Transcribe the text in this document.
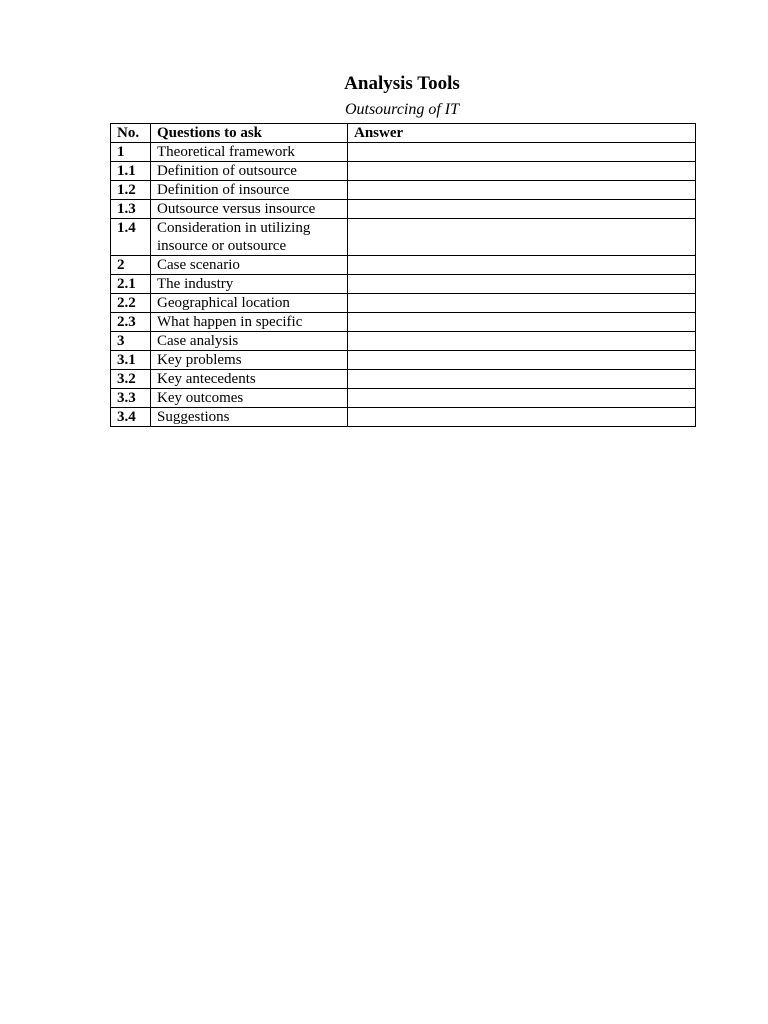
Analysis Tools
Outsourcing of IT
No.	Questions to ask	Answer
1	Theoretical framework	
1.1	Definition of outsource	
1.2	Definition of insource	
1.3	Outsource versus insource	
1.4	Consideration in utilizing insource or outsource	
2	Case scenario	
2.1	The industry	
2.2	Geographical location	
2.3	What happen in specific	
3	Case analysis	
3.1	Key problems	
3.2	Key antecedents	
3.3	Key outcomes	
3.4	Suggestions	
